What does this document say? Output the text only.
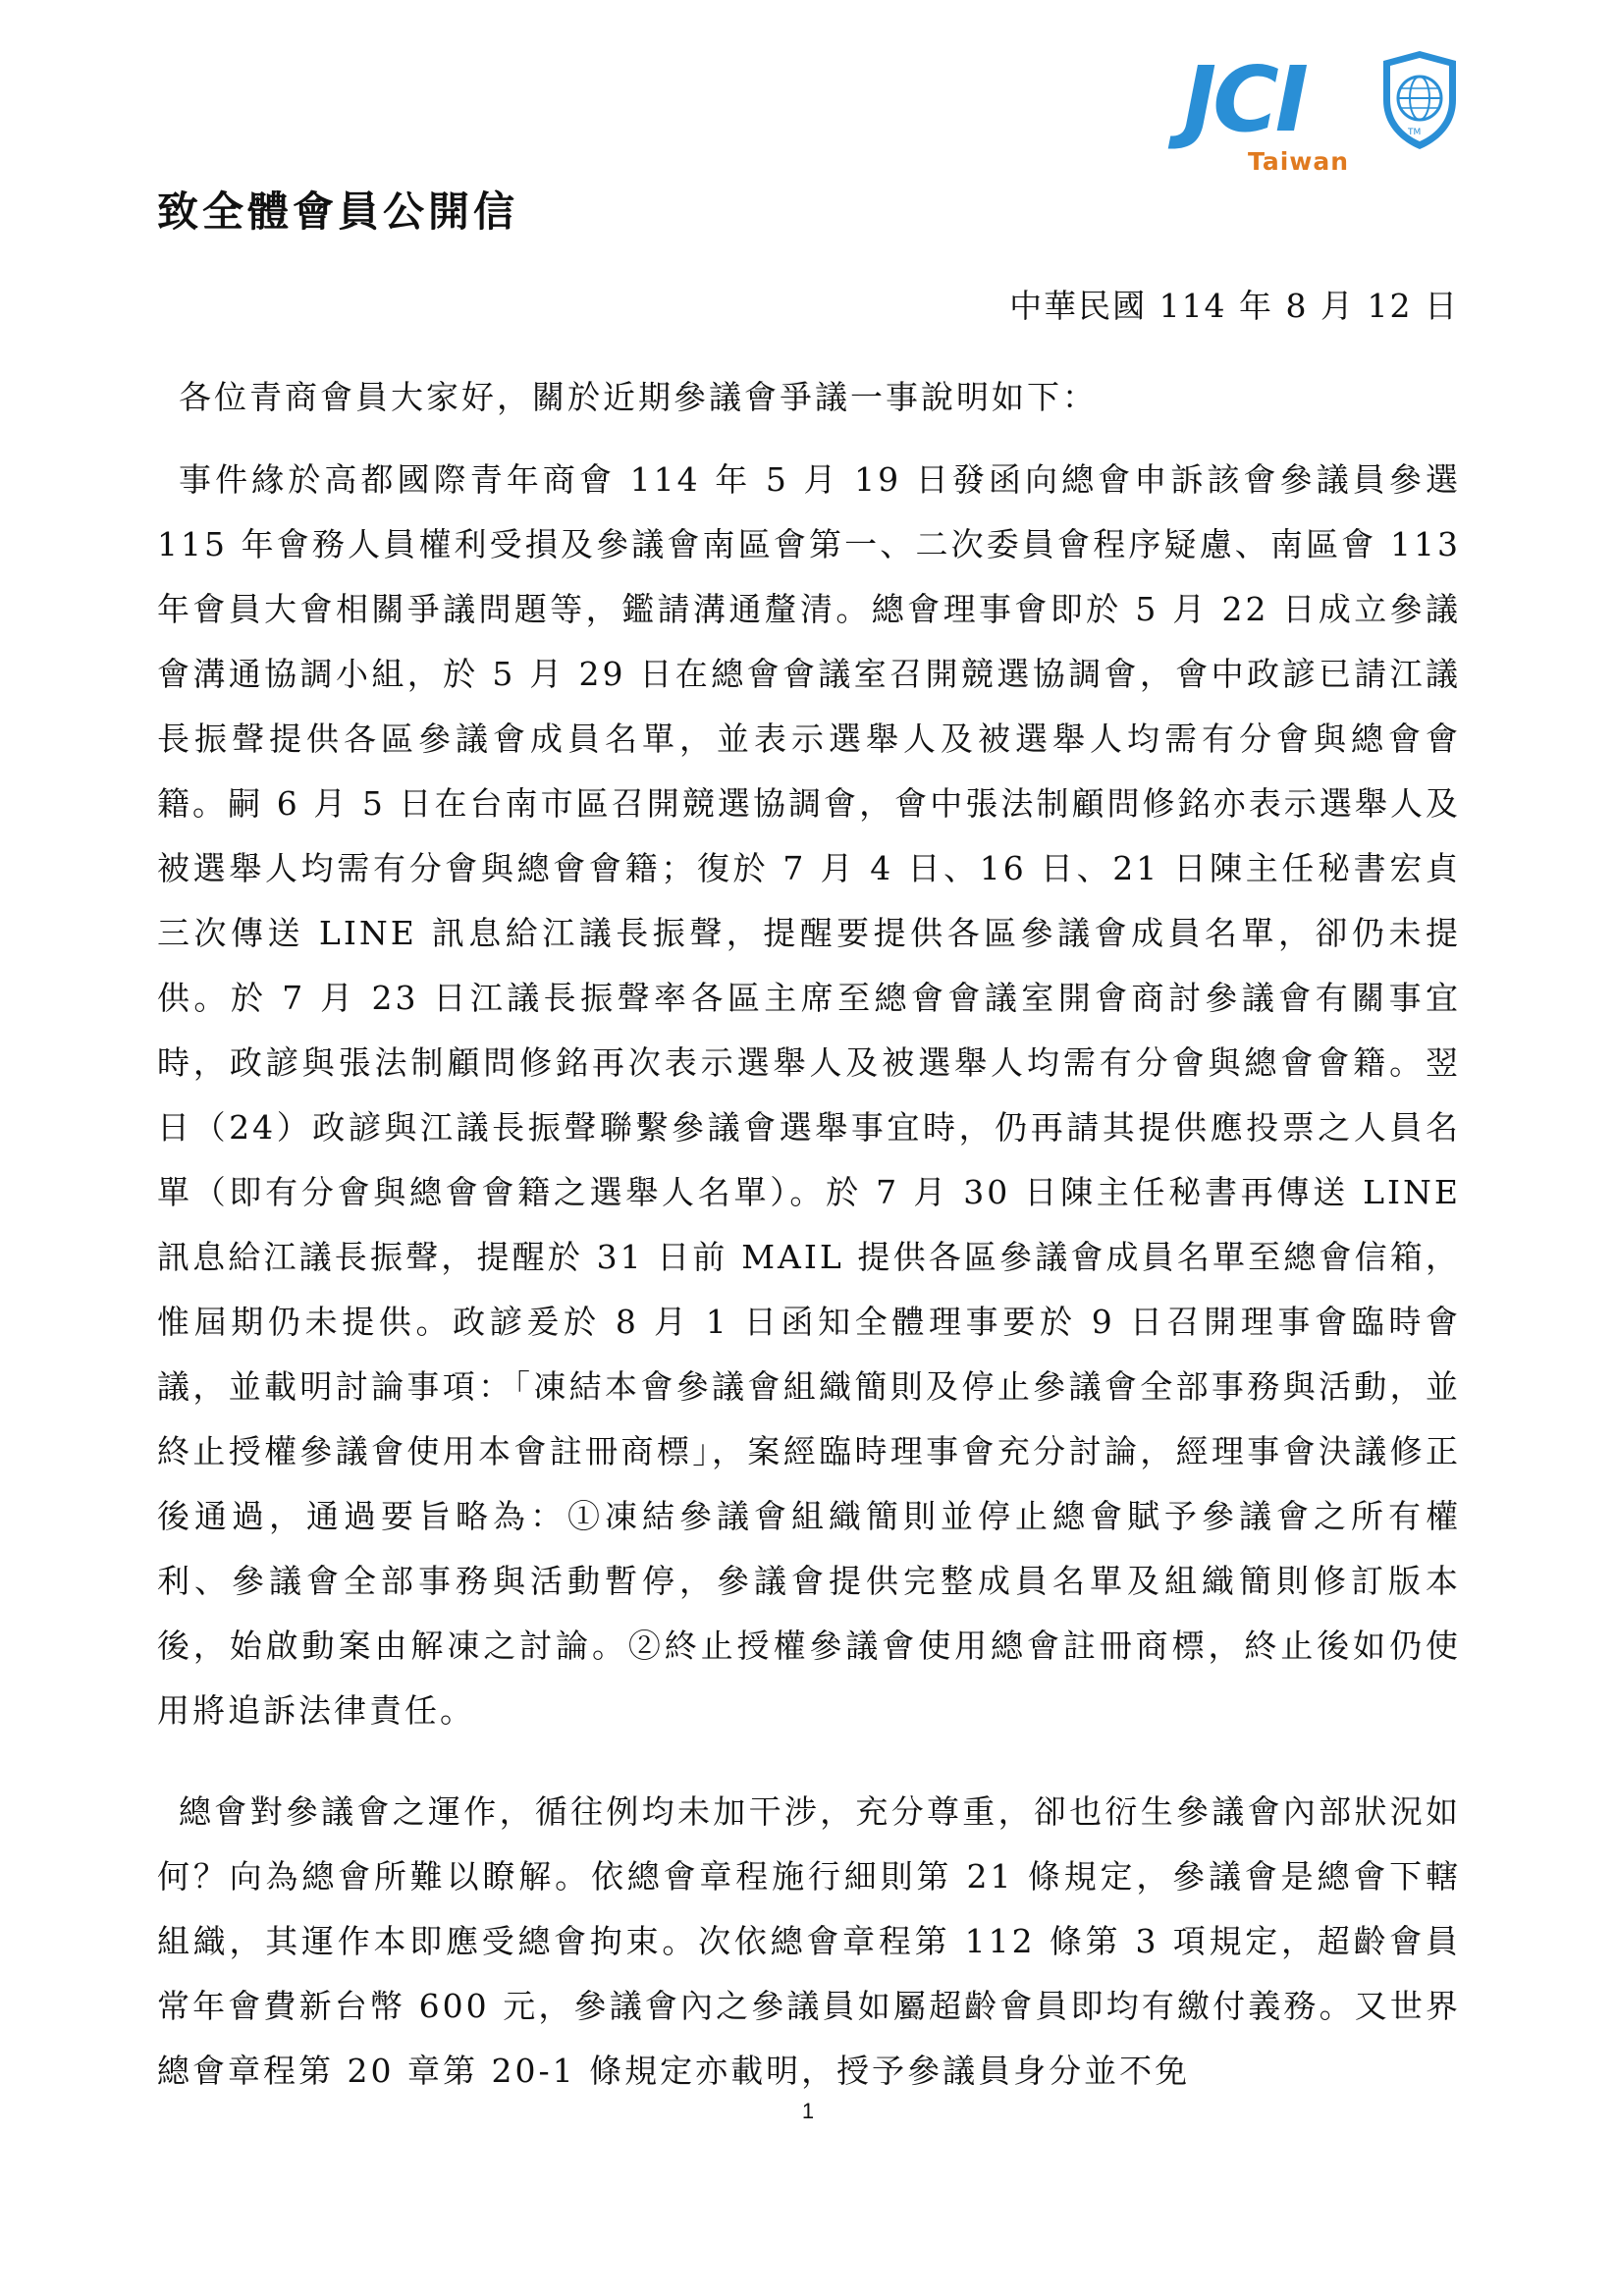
JCI	TM
Taiwan
致全體會員公開信
中華民國 114 年 8 月 12 日

各位青商會員大家好，關於近期參議會爭議一事說明如下：

事件緣於高都國際青年商會 114 年 5 月 19 日發函向總會申訴該會參議員參選 115 年會務人員權利受損及參議會南區會第一、二次委員會程序疑慮、南區會 113 年會員大會相關爭議問題等，鑑請溝通釐清。總會理事會即於 5 月 22 日成立參議會溝通協調小組，於 5 月 29 日在總會會議室召開競選協調會，會中政諺已請江議長振聲提供各區參議會成員名單，並表示選舉人及被選舉人均需有分會與總會會籍。嗣 6 月 5 日在台南市區召開競選協調會，會中張法制顧問修銘亦表示選舉人及被選舉人均需有分會與總會會籍；復於 7 月 4 日、16 日、21 日陳主任秘書宏貞三次傳送 LINE 訊息給江議長振聲，提醒要提供各區參議會成員名單，卻仍未提供。於 7 月 23 日江議長振聲率各區主席至總會會議室開會商討參議會有關事宜時，政諺與張法制顧問修銘再次表示選舉人及被選舉人均需有分會與總會會籍。翌日（24）政諺與江議長振聲聯繫參議會選舉事宜時，仍再請其提供應投票之人員名單（即有分會與總會會籍之選舉人名單）。於 7 月 30 日陳主任秘書再傳送 LINE 訊息給江議長振聲，提醒於 31 日前 MAIL 提供各區參議會成員名單至總會信箱，惟屆期仍未提供。政諺爰於 8 月 1 日函知全體理事要於 9 日召開理事會臨時會議，並載明討論事項：「凍結本會參議會組織簡則及停止參議會全部事務與活動，並終止授權參議會使用本會註冊商標」，案經臨時理事會充分討論，經理事會決議修正後通過，通過要旨略為：①凍結參議會組織簡則並停止總會賦予參議會之所有權利、參議會全部事務與活動暫停，參議會提供完整成員名單及組織簡則修訂版本後，始啟動案由解凍之討論。②終止授權參議會使用總會註冊商標，終止後如仍使用將追訴法律責任。

總會對參議會之運作，循往例均未加干涉，充分尊重，卻也衍生參議會內部狀況如何？向為總會所難以瞭解。依總會章程施行細則第 21 條規定，參議會是總會下轄組織，其運作本即應受總會拘束。次依總會章程第 112 條第 3 項規定，超齡會員常年會費新台幣 600 元，參議會內之參議員如屬超齡會員即均有繳付義務。又世界總會章程第 20 章第 20-1 條規定亦載明，授予參議員身分並不免

1
